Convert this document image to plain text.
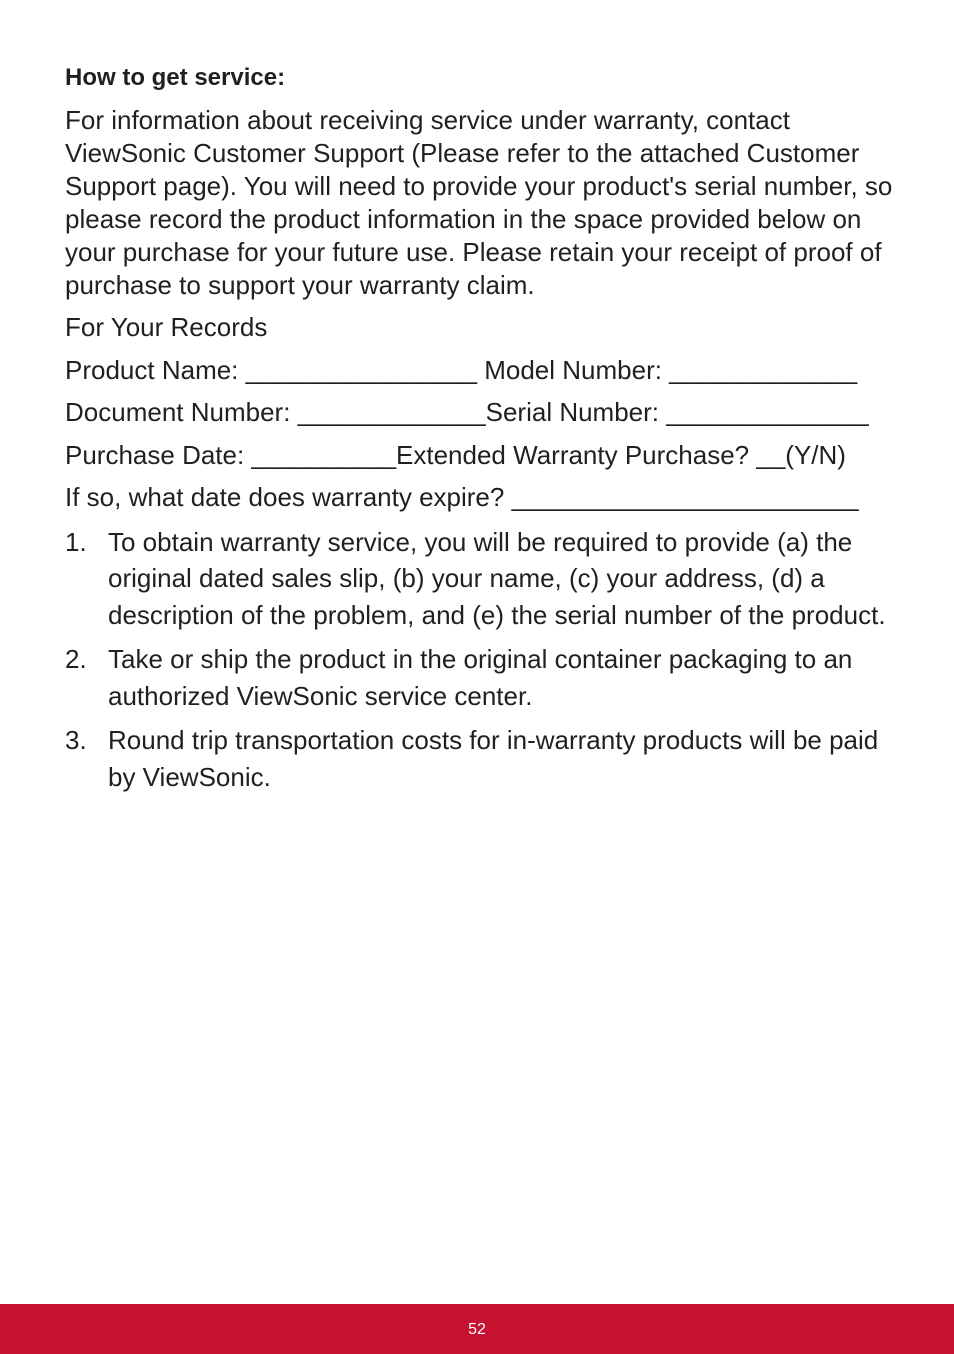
How to get service:
For information about receiving service under warranty, contact ViewSonic Customer Support (Please refer to the attached Customer Support page). You will need to provide your product's serial number, so please record the product information in the space provided below on your purchase for your future use. Please retain your receipt of proof of purchase to support your warranty claim.
For Your Records
Product Name: ________________ Model Number: _____________
Document Number: _____________Serial Number: ______________
Purchase Date: __________Extended Warranty Purchase? __(Y/N)
If so, what date does warranty expire? ________________________
1. To obtain warranty service, you will be required to provide (a) the original dated sales slip, (b) your name, (c) your address, (d) a description of the problem, and (e) the serial number of the product.
2. Take or ship the product in the original container packaging to an authorized ViewSonic service center.
3. Round trip transportation costs for in-warranty products will be paid by ViewSonic.
52
